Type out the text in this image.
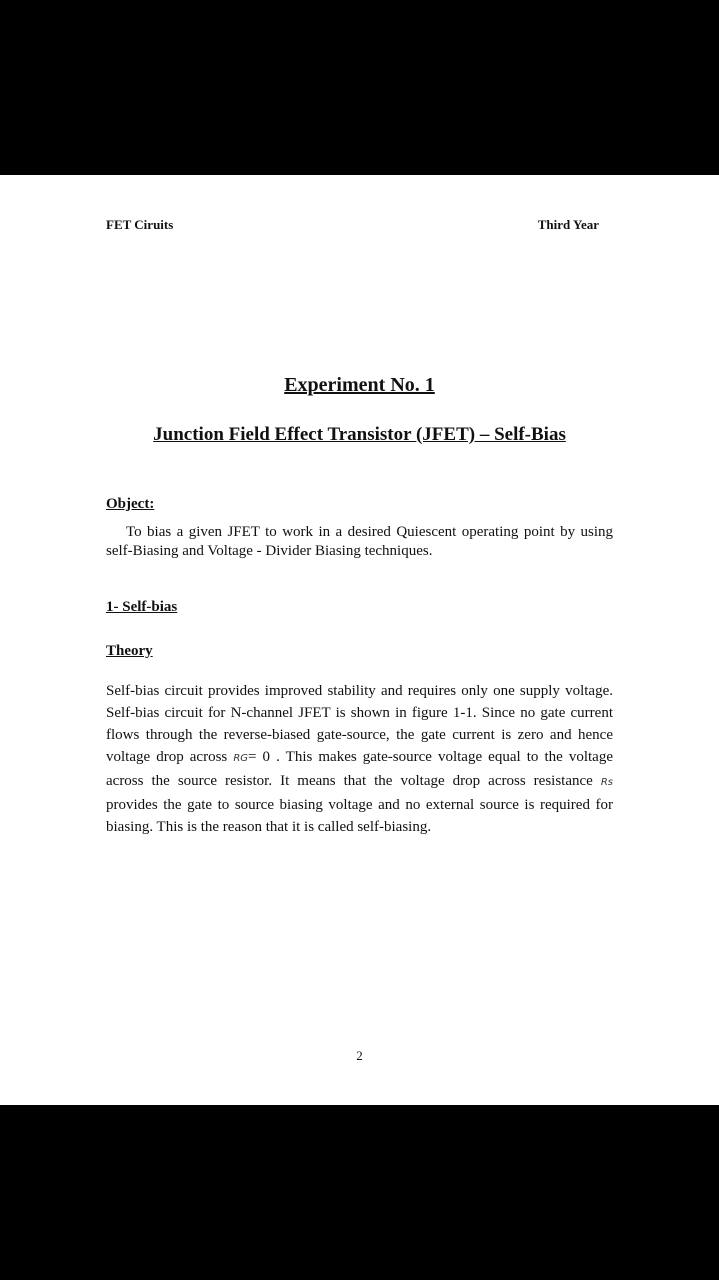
FET Ciruits	Third Year
Experiment No. 1
Junction Field Effect Transistor (JFET) – Self-Bias
Object:
To bias a given JFET to work in a desired Quiescent operating point by using self-Biasing and Voltage - Divider Biasing techniques.
1- Self-bias
Theory
Self-bias circuit provides improved stability and requires only one supply voltage. Self-bias circuit for N-channel JFET is shown in figure 1-1. Since no gate current flows through the reverse-biased gate-source, the gate current is zero and hence voltage drop across RG= 0 . This makes gate-source voltage equal to the voltage across the source resistor. It means that the voltage drop across resistance Rs provides the gate to source biasing voltage and no external source is required for biasing. This is the reason that it is called self-biasing.
2
